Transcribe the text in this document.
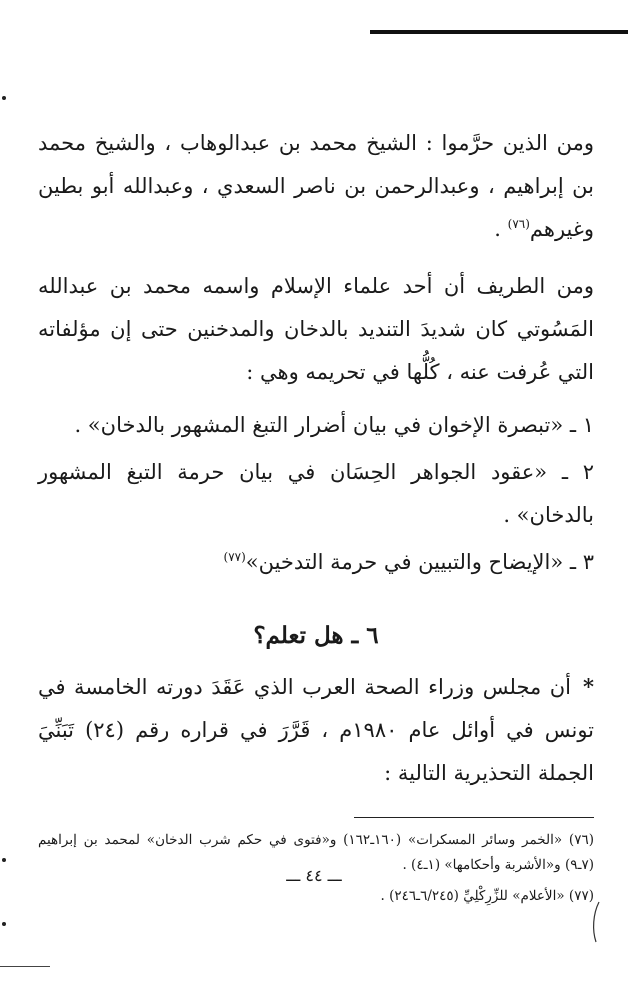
ومن الذين حرَّموا : الشيخ محمد بن عبدالوهاب ، والشيخ محمد بن إبراهيم ، وعبدالرحمن بن ناصر السعدي ، وعبدالله أبو بطين وغيرهم$^{(٧٦)}$ .

ومن الطريف أن أحد علماء الإسلام واسمه محمد بن عبدالله المَسُوتي كان شديدَ التنديد بالدخان والمدخنين حتى إن مؤلفاته التي عُرفت عنه ، كُلُّها في تحريمه وهي :

١ ـ «تبصرة الإخوان في بيان أضرار التبغ المشهور بالدخان» .

٢ ـ «عقود الجواهر الحِسَان في بيان حرمة التبغ المشهور بالدخان» .

٣ ـ «الإيضاح والتبيين في حرمة التدخين»$^{(٧٧)}$

٦ ـ هل تعلم؟

*أن مجلس وزراء الصحة العرب الذي عَقَدَ دورته الخامسة في تونس في أوائل عام ١٩٨٠م ، قَرَّرَ في قراره رقم (٢٤) تَبَنِّيَ الجملة التحذيرية التالية :

(٧٦) «الخمر وسائر المسكرات» (١٦٠ـ١٦٢) و«فتوى في حكم شرب الدخان» لمحمد بن إبراهيم (٧ـ٩) و«الأشربة وأحكامها» (١ـ٤) .

(٧٧) «الأعلام» للزِّرِكْلِيِّ (٦/٢٤٥ـ٢٤٦) .

ـــ ٤٤ ـــ
